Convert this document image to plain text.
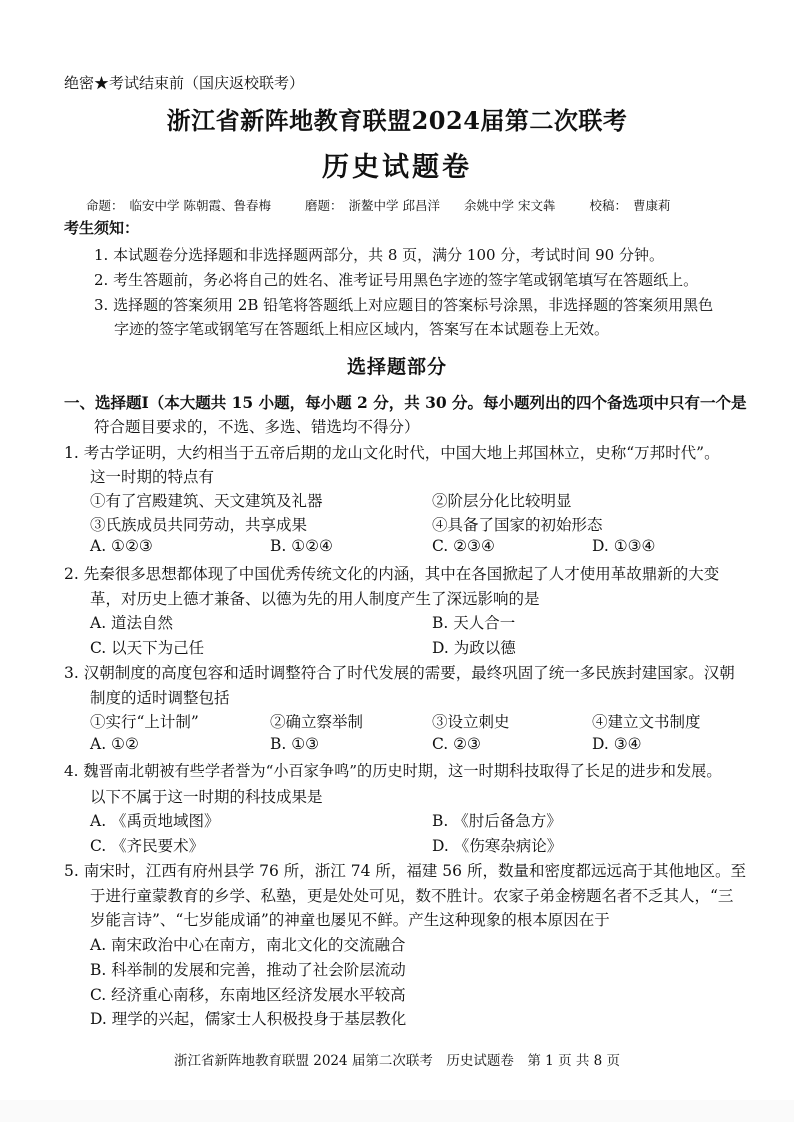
绝密★考试结束前（国庆返校联考）
浙江省新阵地教育联盟2024届第二次联考
历史试题卷
命题： 临安中学 陈朝霞、鲁春梅	磨题： 浙鳌中学 邱昌洋 余姚中学 宋文犇	校稿： 曹康莉
考生须知：
1. 本试题卷分选择题和非选择题两部分，共 8 页，满分 100 分，考试时间 90 分钟。
2. 考生答题前，务必将自己的姓名、准考证号用黑色字迹的签字笔或钢笔填写在答题纸上。
3. 选择题的答案须用 2B 铅笔将答题纸上对应题目的答案标号涂黑，非选择题的答案须用黑色
字迹的签字笔或钢笔写在答题纸上相应区域内，答案写在本试题卷上无效。
选择题部分
一、选择题Ⅰ（本大题共 15 小题，每小题 2 分，共 30 分。每小题列出的四个备选项中只有一个是
符合题目要求的，不选、多选、错选均不得分）
1. 考古学证明，大约相当于五帝后期的龙山文化时代，中国大地上邦国林立，史称“万邦时代”。
这一时期的特点有
①有了宫殿建筑、天文建筑及礼器	②阶层分化比较明显
③氏族成员共同劳动，共享成果	④具备了国家的初始形态
A. ①②③	B. ①②④	C. ②③④	D. ①③④
2. 先秦很多思想都体现了中国优秀传统文化的内涵，其中在各国掀起了人才使用革故鼎新的大变
革，对历史上德才兼备、以德为先的用人制度产生了深远影响的是
A. 道法自然	B. 天人合一
C. 以天下为己任	D. 为政以德
3. 汉朝制度的高度包容和适时调整符合了时代发展的需要，最终巩固了统一多民族封建国家。汉朝
制度的适时调整包括
①实行“上计制”	②确立察举制	③设立刺史	④建立文书制度
A. ①②	B. ①③	C. ②③	D. ③④
4. 魏晋南北朝被有些学者誉为“小百家争鸣”的历史时期，这一时期科技取得了长足的进步和发展。
以下不属于这一时期的科技成果是
A. 《禹贡地域图》	B. 《肘后备急方》
C. 《齐民要术》	D. 《伤寒杂病论》
5. 南宋时，江西有府州县学 76 所，浙江 74 所，福建 56 所，数量和密度都远远高于其他地区。至
于进行童蒙教育的乡学、私塾，更是处处可见，数不胜计。农家子弟金榜题名者不乏其人，“三
岁能言诗”、“七岁能成诵”的神童也屡见不鲜。产生这种现象的根本原因在于
A. 南宋政治中心在南方，南北文化的交流融合
B. 科举制的发展和完善，推动了社会阶层流动
C. 经济重心南移，东南地区经济发展水平较高
D. 理学的兴起，儒家士人积极投身于基层教化
浙江省新阵地教育联盟 2024 届第二次联考　历史试题卷　第 1 页 共 8 页
